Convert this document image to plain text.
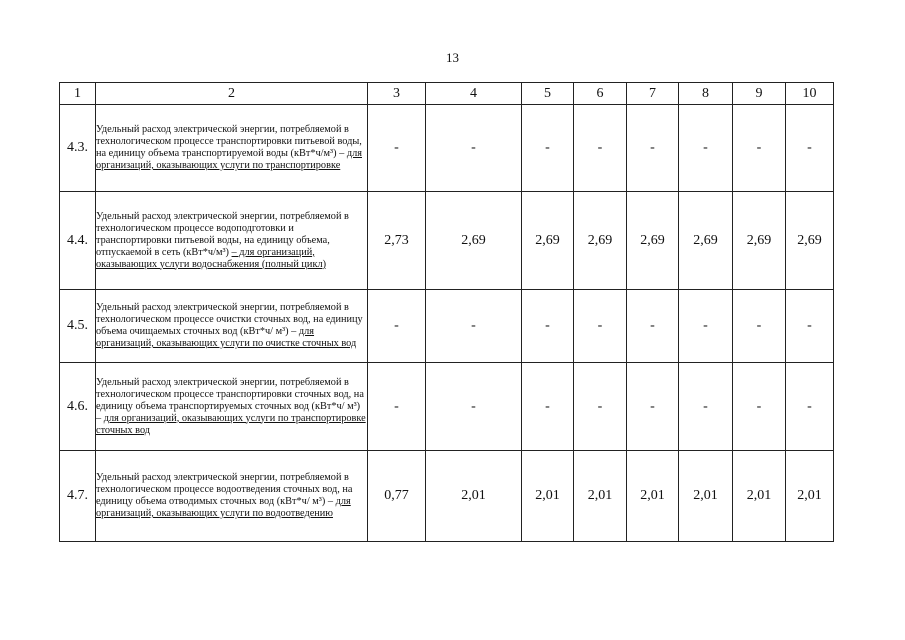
13
1	2	3	4	5	6	7	8	9	10
4.3.	Удельный расход электрической энергии, потребляемой в технологическом процессе транспортировки питьевой воды, на единицу объема транспортируемой воды (кВт*ч/м³) – для организаций, оказывающих услуги по транспортировке	-	-	-	-	-	-	-	-
4.4.	Удельный расход электрической энергии, потребляемой в технологическом процессе водоподготовки и транспортировки питьевой воды, на единицу объема, отпускаемой в сеть (кВт*ч/м³) – для организаций, оказывающих услуги водоснабжения (полный цикл)	2,73	2,69	2,69	2,69	2,69	2,69	2,69	2,69
4.5.	Удельный расход электрической энергии, потребляемой в технологическом процессе очистки сточных вод, на единицу объема очищаемых сточных вод (кВт*ч/ м³) – для организаций, оказывающих услуги по очистке сточных вод	-	-	-	-	-	-	-	-
4.6.	Удельный расход электрической энергии, потребляемой в технологическом процессе транспортировки сточных вод, на единицу объема транспортируемых сточных вод (кВт*ч/ м³) – для организаций, оказывающих услуги по транспортировке сточных вод	-	-	-	-	-	-	-	-
4.7.	Удельный расход электрической энергии, потребляемой в технологическом процессе водоотведения сточных вод, на единицу объема отводимых сточных вод (кВт*ч/ м³) – для организаций, оказывающих услуги по водоотведению	0,77	2,01	2,01	2,01	2,01	2,01	2,01	2,01
